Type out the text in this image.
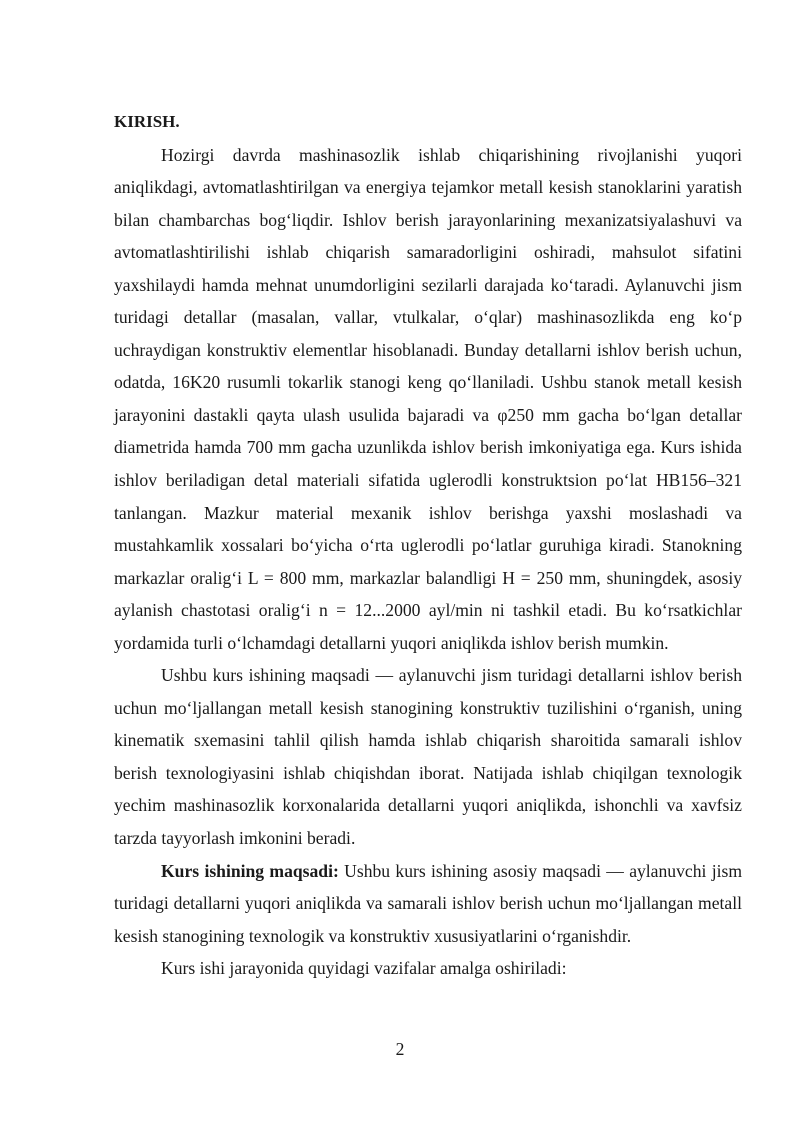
KIRISH.

Hozirgi davrda mashinasozlik ishlab chiqarishining rivojlanishi yuqori aniqlikdagi, avtomatlashtirilgan va energiya tejamkor metall kesish stanoklarini yaratish bilan chambarchas bog‘liqdir. Ishlov berish jarayonlarining mexanizatsiyalashuvi va avtomatlashtirilishi ishlab chiqarish samaradorligini oshiradi, mahsulot sifatini yaxshilaydi hamda mehnat unumdorligini sezilarli darajada ko‘taradi. Aylanuvchi jism turidagi detallar (masalan, vallar, vtulkalar, o‘qlar) mashinasozlikda eng ko‘p uchraydigan konstruktiv elementlar hisoblanadi. Bunday detallarni ishlov berish uchun, odatda, 16K20 rusumli tokarlik stanogi keng qo‘llaniladi. Ushbu stanok metall kesish jarayonini dastakli qayta ulash usulida bajaradi va φ250 mm gacha bo‘lgan detallar diametrida hamda 700 mm gacha uzunlikda ishlov berish imkoniyatiga ega. Kurs ishida ishlov beriladigan detal materiali sifatida uglerodli konstruktsion po‘lat HB156–321 tanlangan. Mazkur material mexanik ishlov berishga yaxshi moslashadi va mustahkamlik xossalari bo‘yicha o‘rta uglerodli po‘latlar guruhiga kiradi. Stanokning markazlar oralig‘i L = 800 mm, markazlar balandligi H = 250 mm, shuningdek, asosiy aylanish chastotasi oralig‘i n = 12...2000 ayl/min ni tashkil etadi. Bu ko‘rsatkichlar yordamida turli o‘lchamdagi detallarni yuqori aniqlikda ishlov berish mumkin.

Ushbu kurs ishining maqsadi — aylanuvchi jism turidagi detallarni ishlov berish uchun mo‘ljallangan metall kesish stanogining konstruktiv tuzilishini o‘rganish, uning kinematik sxemasini tahlil qilish hamda ishlab chiqarish sharoitida samarali ishlov berish texnologiyasini ishlab chiqishdan iborat. Natijada ishlab chiqilgan texnologik yechim mashinasozlik korxonalarida detallarni yuqori aniqlikda, ishonchli va xavfsiz tarzda tayyorlash imkonini beradi.

Kurs ishining maqsadi: Ushbu kurs ishining asosiy maqsadi — aylanuvchi jism turidagi detallarni yuqori aniqlikda va samarali ishlov berish uchun mo‘ljallangan metall kesish stanogining texnologik va konstruktiv xususiyatlarini o‘rganishdir.

Kurs ishi jarayonida quyidagi vazifalar amalga oshiriladi:

2
